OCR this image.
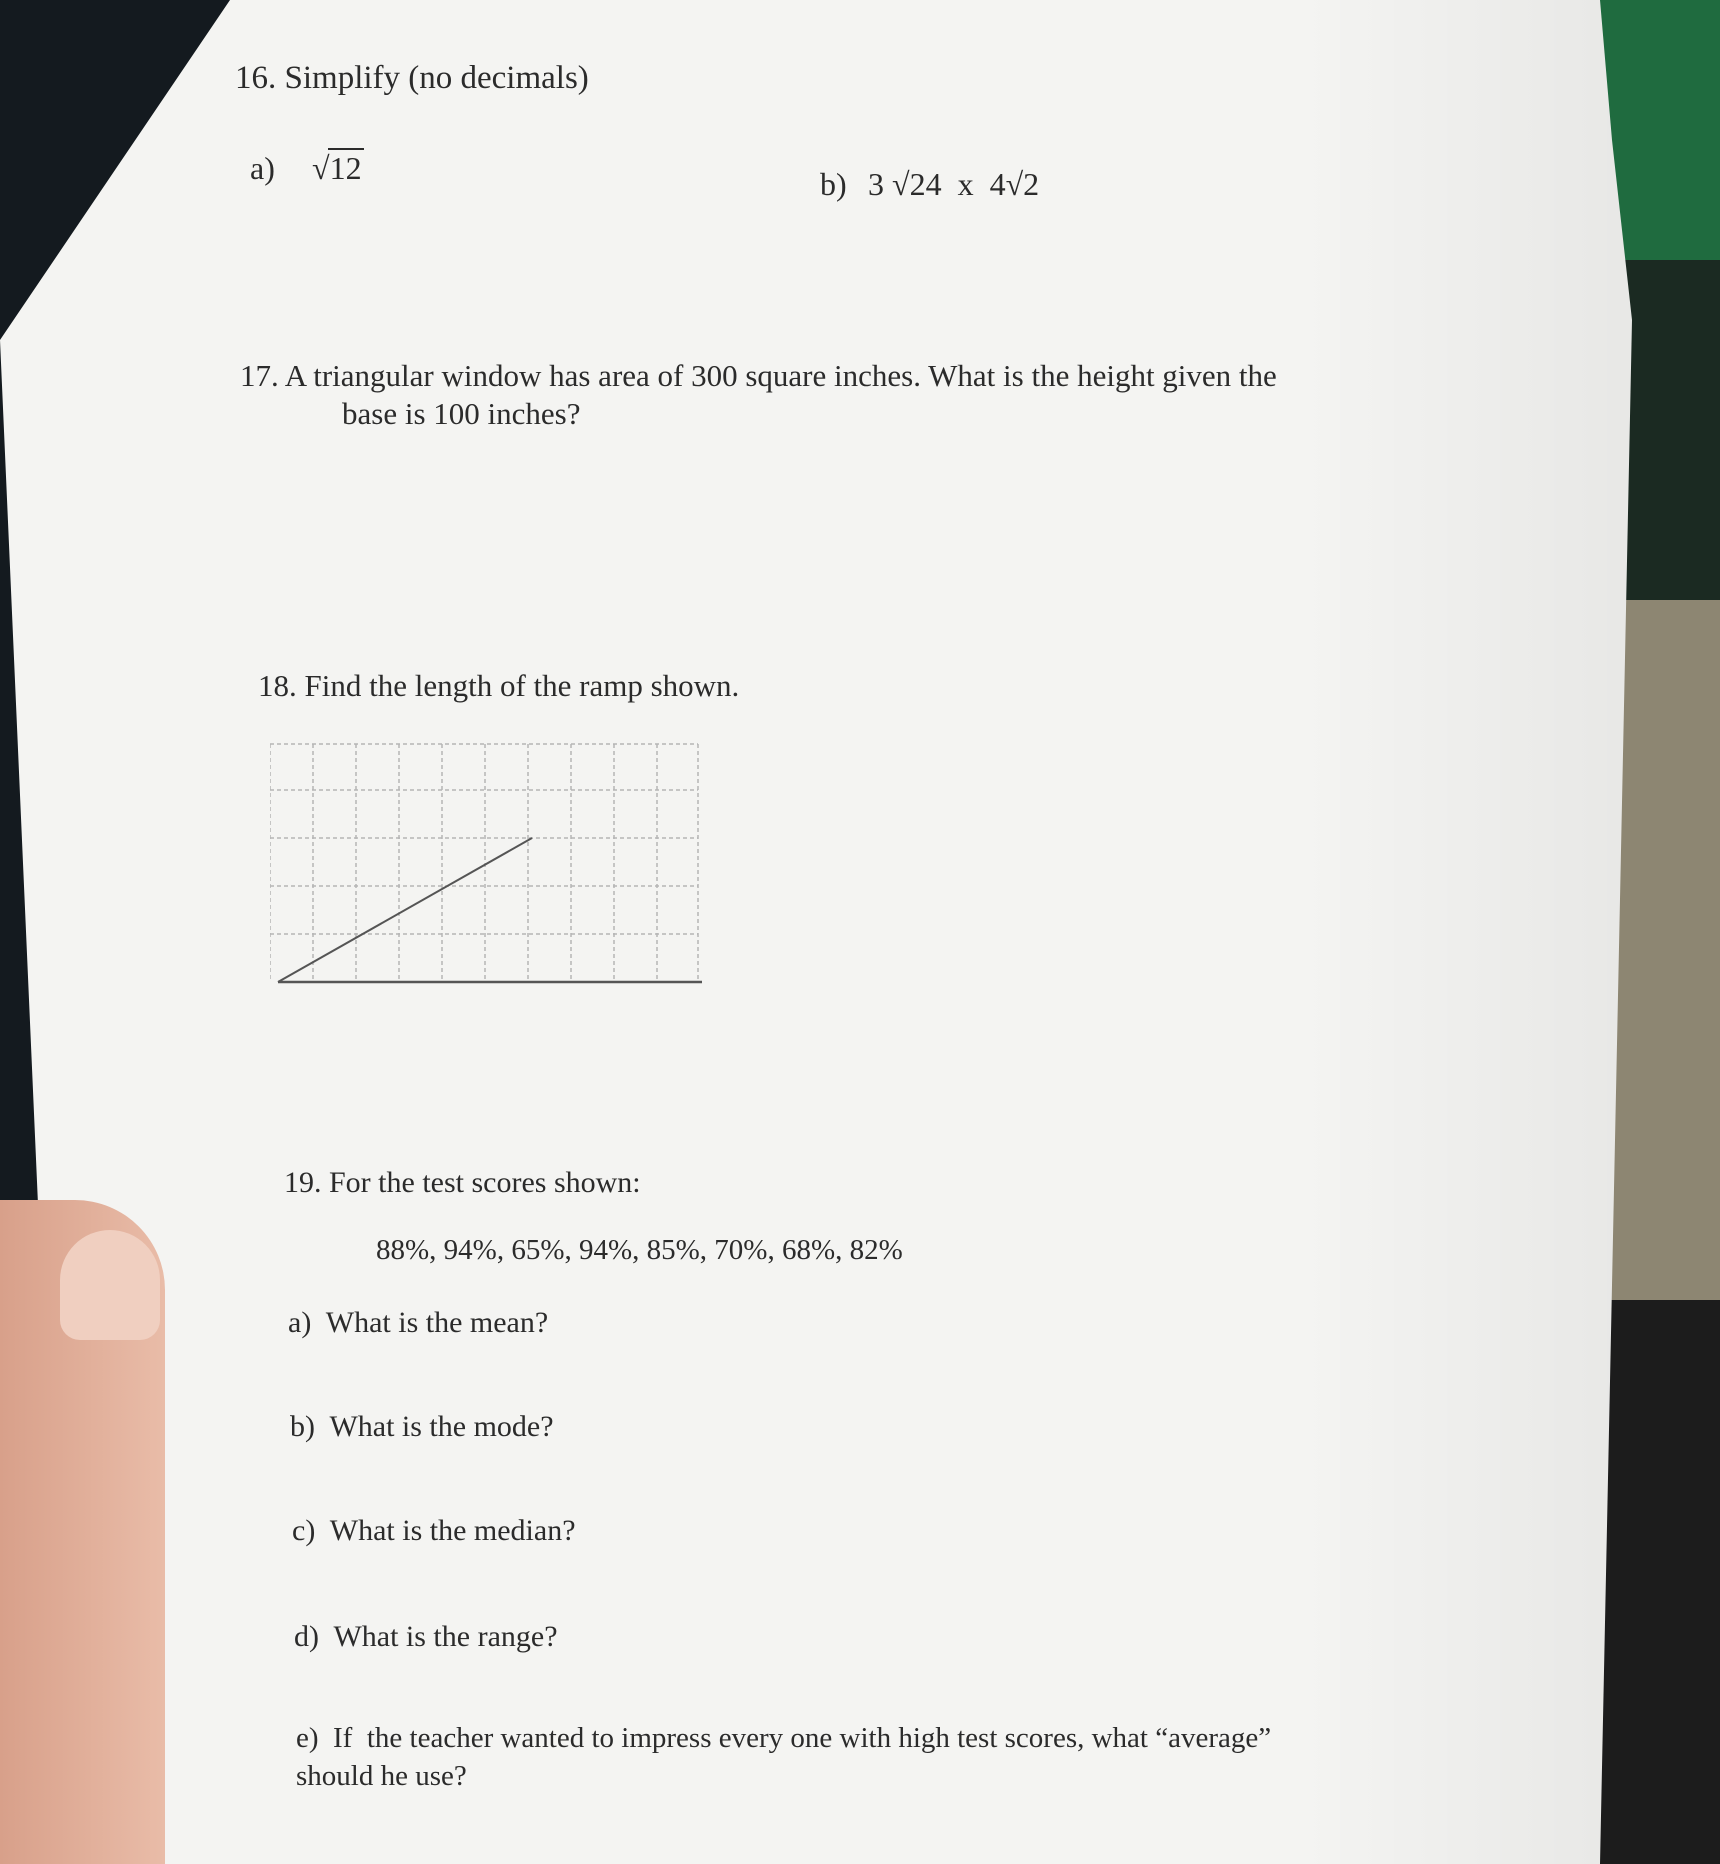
16. Simplify (no decimals)
a) √12	b) 3 √24  x  4√2
17. A triangular window has area of 300 square inches. What is the height given the
base is 100 inches?
18. Find the length of the ramp shown.
19. For the test scores shown:
88%, 94%, 65%, 94%, 85%, 70%, 68%, 82%
a)  What is the mean?
b)  What is the mode?
c)  What is the median?
d)  What is the range?
e)  If  the teacher wanted to impress every one with high test scores, what “average”
should he use?
